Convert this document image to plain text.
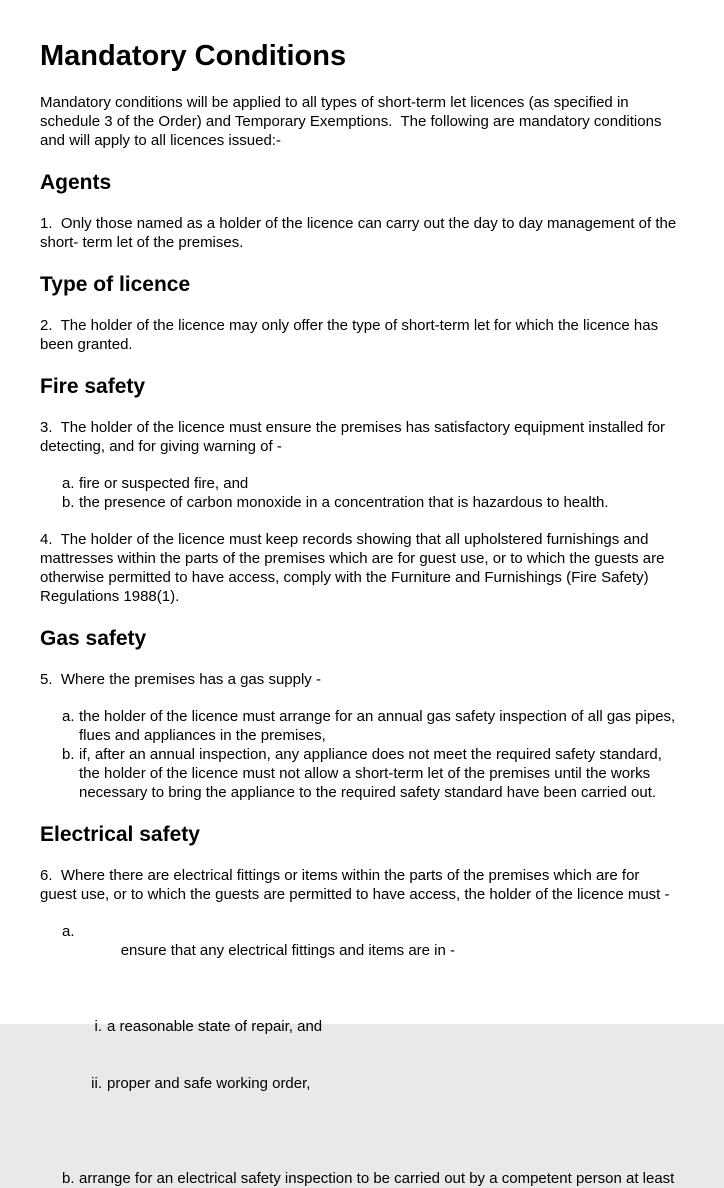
Mandatory Conditions

Mandatory conditions will be applied to all types of short-term let licences (as specified in schedule 3 of the Order) and Temporary Exemptions.  The following are mandatory conditions and will apply to all licences issued:-

Agents

1.  Only those named as a holder of the licence can carry out the day to day management of the short- term let of the premises.

Type of licence

2.  The holder of the licence may only offer the type of short-term let for which the licence has been granted.

Fire safety

3.  The holder of the licence must ensure the premises has satisfactory equipment installed for detecting, and for giving warning of -

a. fire or suspected fire, and
b. the presence of carbon monoxide in a concentration that is hazardous to health.

4.  The holder of the licence must keep records showing that all upholstered furnishings and mattresses within the parts of the premises which are for guest use, or to which the guests are otherwise permitted to have access, comply with the Furniture and Furnishings (Fire Safety) Regulations 1988(1).

Gas safety

5.  Where the premises has a gas supply -

a. the holder of the licence must arrange for an annual gas safety inspection of all gas pipes, flues and appliances in the premises,
b. if, after an annual inspection, any appliance does not meet the required safety standard, the holder of the licence must not allow a short-term let of the premises until the works necessary to bring the appliance to the required safety standard have been carried out.
Electrical safety

6.  Where there are electrical fittings or items within the parts of the premises which are for guest use, or to which the guests are permitted to have access, the holder of the licence must -

a.

ensure that any electrical fittings and items are in -

i. a reasonable state of repair, and

ii. proper and safe working order,

b. arrange for an electrical safety inspection to be carried out by a competent person at least
